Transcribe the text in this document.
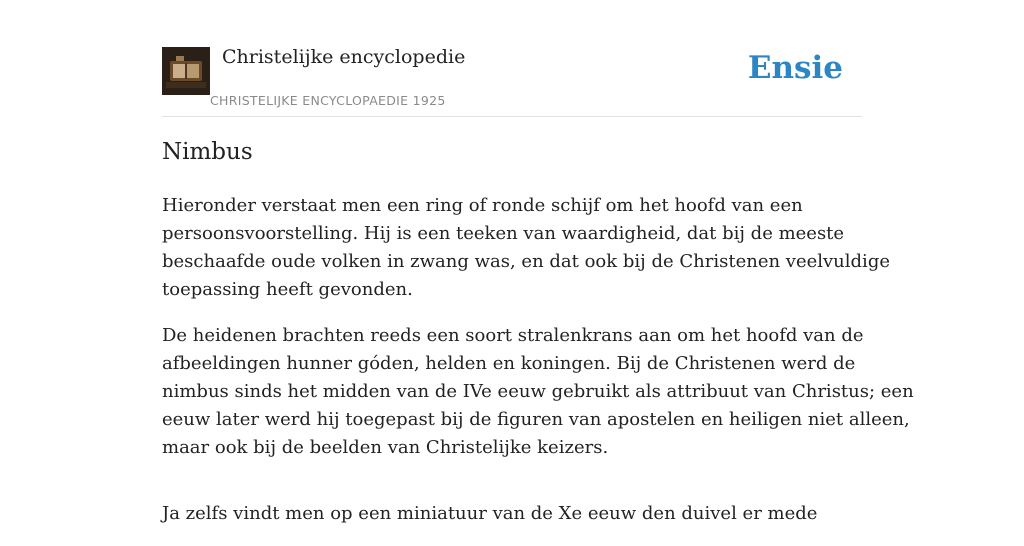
Christelijke encyclopedie
CHRISTELIJKE ENCYCLOPAEDIE 1925
Ensie
Nimbus

Hieronder verstaat men een ring of ronde schijf om het hoofd van een
persoonsvoorstelling. Hij is een teeken van waardigheid, dat bij de meeste
beschaafde oude volken in zwang was, en dat ook bij de Christenen veelvuldige
toepassing heeft gevonden.

De heidenen brachten reeds een soort stralenkrans aan om het hoofd van de
afbeeldingen hunner góden, helden en koningen. Bij de Christenen werd de
nimbus sinds het midden van de IVe eeuw gebruikt als attribuut van Christus; een
eeuw later werd hij toegepast bij de figuren van apostelen en heiligen niet alleen,
maar ook bij de beelden van Christelijke keizers.

Ja zelfs vindt men op een miniatuur van de Xe eeuw den duivel er mede
